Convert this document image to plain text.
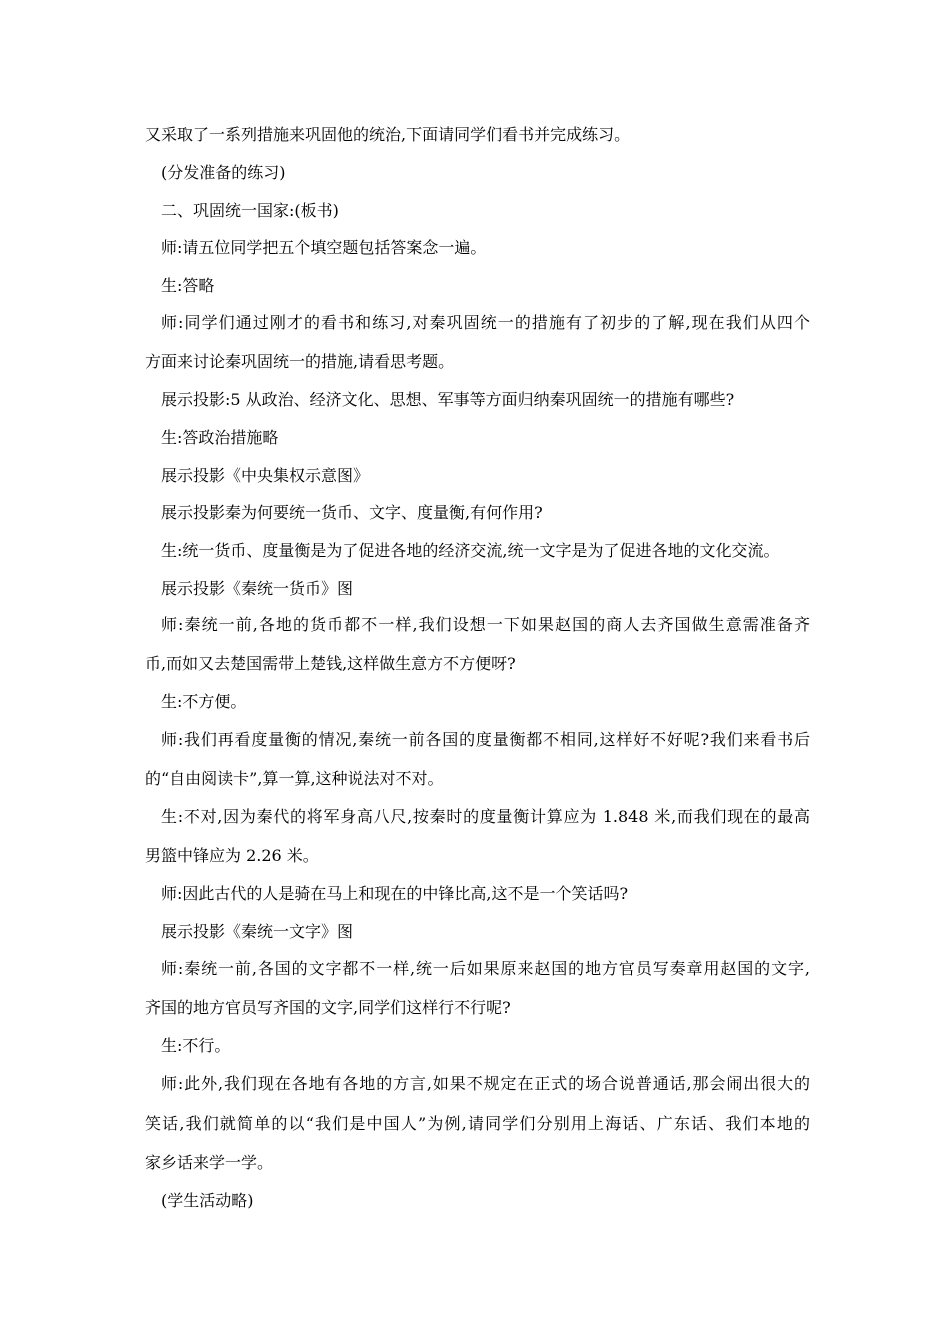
又采取了一系列措施来巩固他的统治,下面请同学们看书并完成练习。
(分发准备的练习)
二、巩固统一国家:(板书)
师:请五位同学把五个填空题包括答案念一遍。
生:答略
师:同学们通过刚才的看书和练习,对秦巩固统一的措施有了初步的了解,现在我们从四个
方面来讨论秦巩固统一的措施,请看思考题。
展示投影:5 从政治、经济文化、思想、军事等方面归纳秦巩固统一的措施有哪些?
生:答政治措施略
展示投影《中央集权示意图》
展示投影秦为何要统一货币、文字、度量衡,有何作用?
生:统一货币、度量衡是为了促进各地的经济交流,统一文字是为了促进各地的文化交流。
展示投影《秦统一货币》图
师:秦统一前,各地的货币都不一样,我们设想一下如果赵国的商人去齐国做生意需准备齐
币,而如又去楚国需带上楚钱,这样做生意方不方便呀?
生:不方便。
师:我们再看度量衡的情况,秦统一前各国的度量衡都不相同,这样好不好呢?我们来看书后
的“自由阅读卡”,算一算,这种说法对不对。
生:不对,因为秦代的将军身高八尺,按秦时的度量衡计算应为 1.848 米,而我们现在的最高
男篮中锋应为 2.26 米。
师:因此古代的人是骑在马上和现在的中锋比高,这不是一个笑话吗?
展示投影《秦统一文字》图
师:秦统一前,各国的文字都不一样,统一后如果原来赵国的地方官员写奏章用赵国的文字,
齐国的地方官员写齐国的文字,同学们这样行不行呢?
生:不行。
师:此外,我们现在各地有各地的方言,如果不规定在正式的场合说普通话,那会闹出很大的
笑话,我们就简单的以“我们是中国人”为例,请同学们分别用上海话、广东话、我们本地的
家乡话来学一学。
(学生活动略)
